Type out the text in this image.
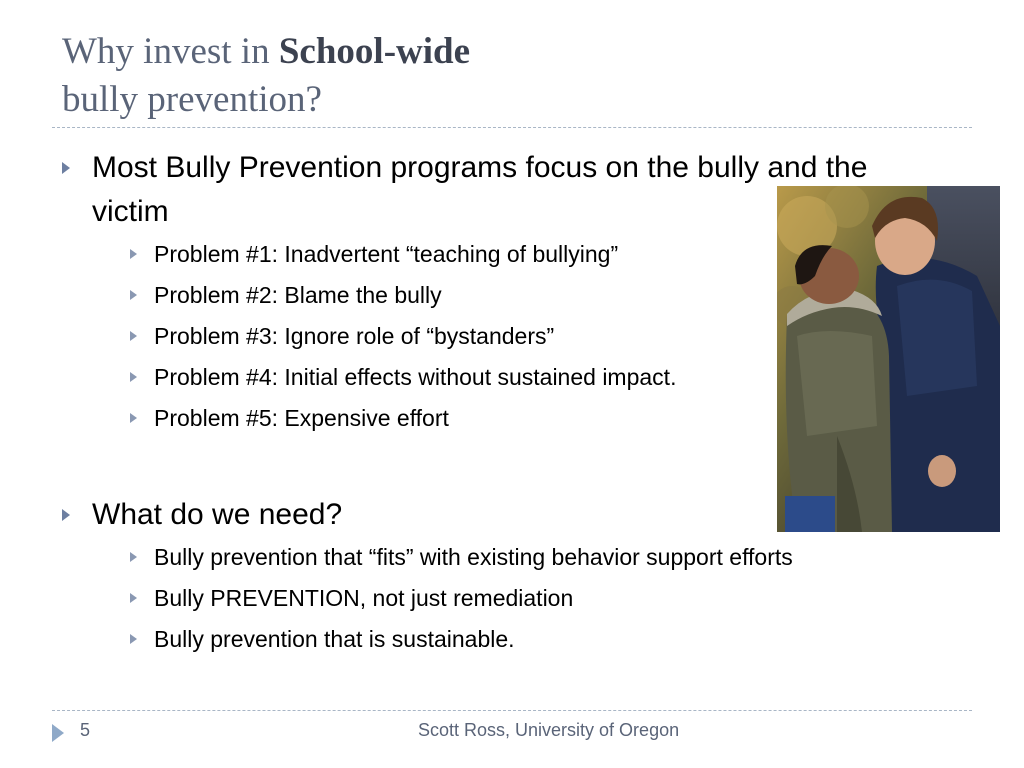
Why invest in School-wide
bully prevention?
Most Bully Prevention programs focus on the bully and the victim
Problem #1: Inadvertent “teaching of bullying”
Problem #2: Blame the bully
Problem #3: Ignore role of “bystanders”
Problem #4: Initial effects without sustained impact.
Problem #5: Expensive effort
What do we need?
Bully prevention that “fits” with existing behavior support efforts
Bully PREVENTION, not just remediation
Bully prevention that is sustainable.
5	Scott Ross, University of Oregon
